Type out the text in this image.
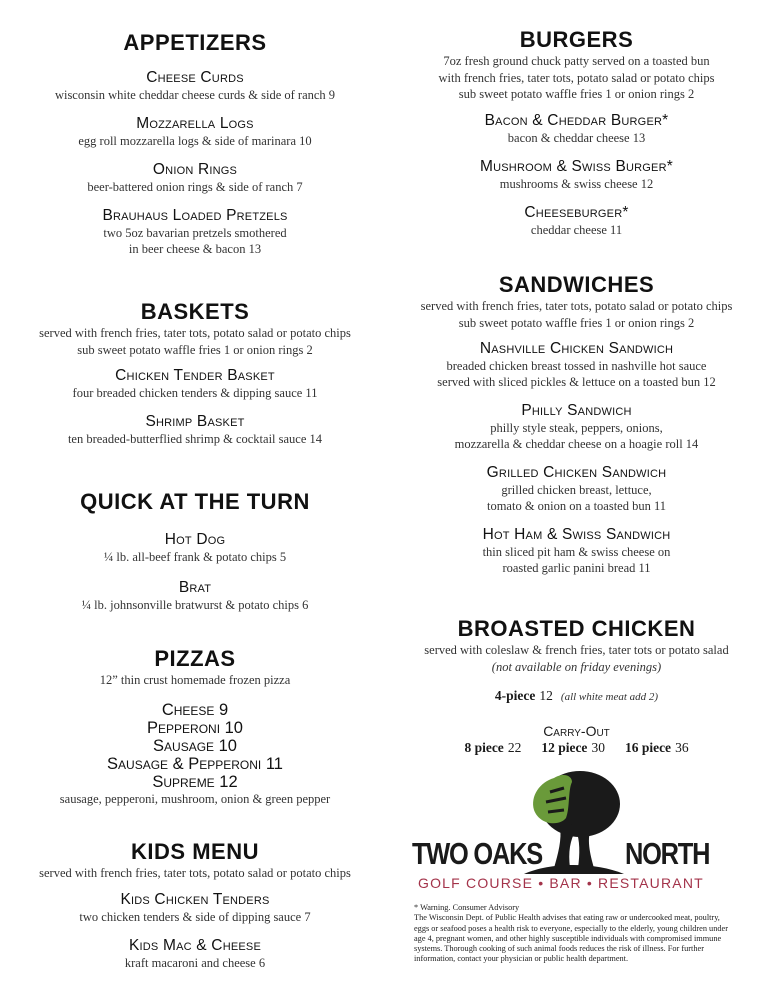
APPETIZERS
Cheese Curds
wisconsin white cheddar cheese curds & side of ranch 9
Mozzarella Logs
egg roll mozzarella logs & side of marinara 10
Onion Rings
beer-battered onion rings & side of ranch 7
Brauhaus Loaded Pretzels
two 5oz bavarian pretzels smothered
in beer cheese & bacon 13
BASKETS
served with french fries, tater tots, potato salad or potato chips
sub sweet potato waffle fries 1 or onion rings 2
Chicken Tender Basket
four breaded chicken tenders & dipping sauce 11
Shrimp Basket
ten breaded-butterflied shrimp & cocktail sauce 14
QUICK AT THE TURN
Hot Dog
¼ lb. all-beef frank & potato chips 5
Brat
¼ lb. johnsonville bratwurst & potato chips 6
PIZZAS
12” thin crust homemade frozen pizza
Cheese 9
Pepperoni 10
Sausage 10
Sausage & Pepperoni 11
Supreme 12
sausage, pepperoni, mushroom, onion & green pepper
KIDS MENU
served with french fries, tater tots, potato salad or potato chips
Kids Chicken Tenders
two chicken tenders & side of dipping sauce 7
Kids Mac & Cheese
kraft macaroni and cheese 6
BURGERS
7oz fresh ground chuck patty served on a toasted bun
with french fries, tater tots, potato salad or potato chips
sub sweet potato waffle fries 1 or onion rings 2
Bacon & Cheddar Burger*
bacon & cheddar cheese 13
Mushroom & Swiss Burger*
mushrooms & swiss cheese 12
Cheeseburger*
cheddar cheese 11
SANDWICHES
served with french fries, tater tots, potato salad or potato chips
sub sweet potato waffle fries 1 or onion rings 2
Nashville Chicken Sandwich
breaded chicken breast tossed in nashville hot sauce
served with sliced pickles & lettuce on a toasted bun 12
Philly Sandwich
philly style steak, peppers, onions,
mozzarella & cheddar cheese on a hoagie roll 14
Grilled Chicken Sandwich
grilled chicken breast, lettuce,
tomato & onion on a toasted bun 11
Hot Ham & Swiss Sandwich
thin sliced pit ham & swiss cheese on
roasted garlic panini bread 11
BROASTED CHICKEN
served with coleslaw & french fries, tater tots or potato salad
(not available on friday evenings)
4-piece 12 (all white meat add 2)
Carry-Out
8 piece 22 12 piece 30 16 piece 36
TWO OAKS	NORTH
GOLF COURSE • BAR • RESTAURANT
* Warning. Consumer Advisory
The Wisconsin Dept. of Public Health advises that eating raw or undercooked meat, poultry, eggs or seafood poses a health risk to everyone, especially to the elderly, young children under age 4, pregnant women, and other highly susceptible individuals with compromised immune systems. Thorough cooking of such animal foods reduces the risk of illness. For further information, contact your physician or public health department.
